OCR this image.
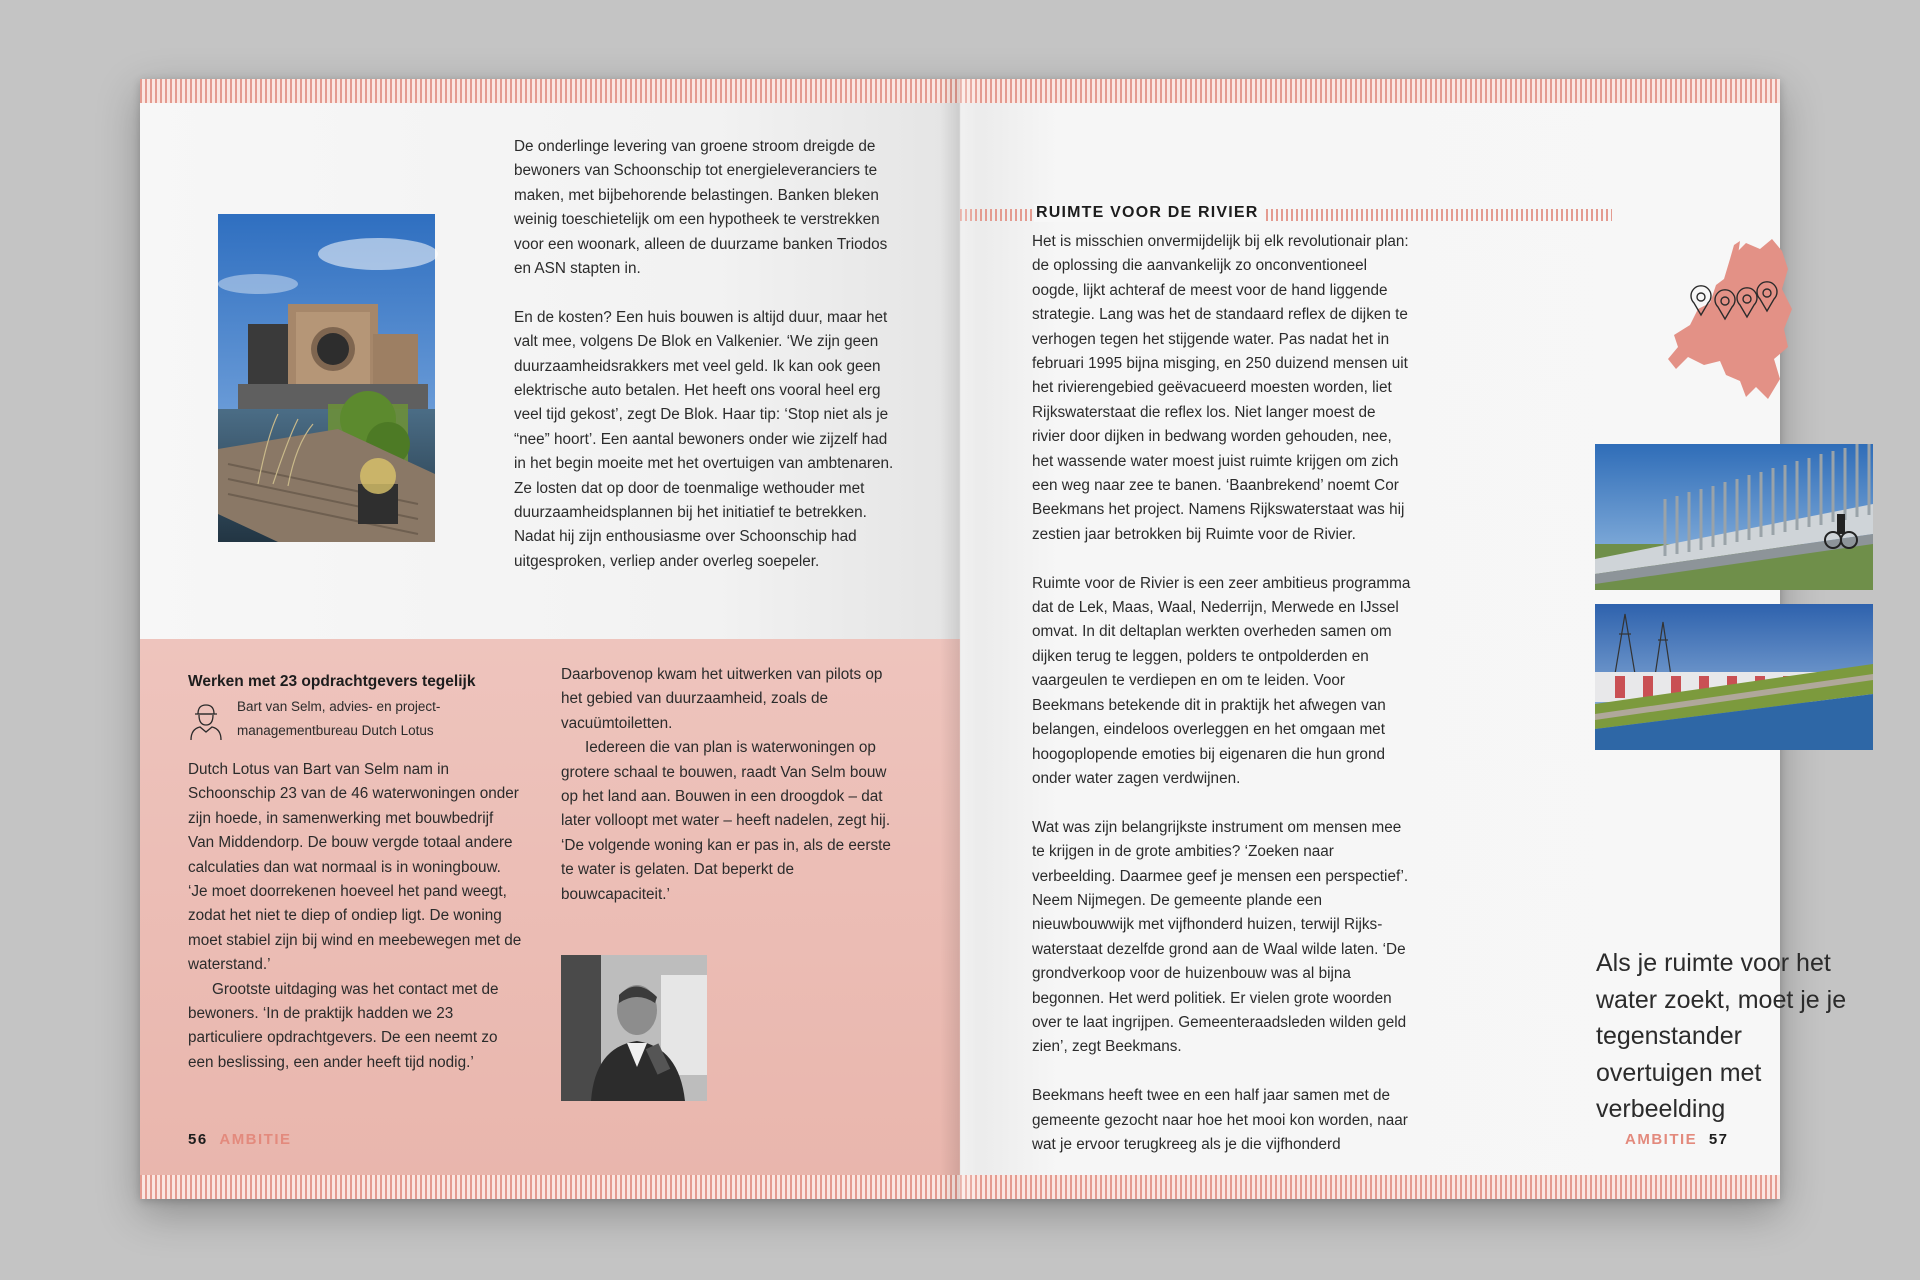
De onderlinge levering van groene stroom dreigde de bewoners van Schoonschip tot energieleveranciers te maken, met bijbehorende belastingen. Banken bleken weinig toeschietelijk om een hypotheek te verstrekken voor een woonark, alleen de duurzame banken Triodos en ASN stapten in.

En de kosten? Een huis bouwen is altijd duur, maar het valt mee, volgens De Blok en Valkenier. ‘We zijn geen duurzaamheidsrakkers met veel geld. Ik kan ook geen elektrische auto betalen. Het heeft ons vooral heel erg veel tijd gekost’, zegt De Blok. Haar tip: ‘Stop niet als je “nee” hoort’. Een aantal bewoners onder wie zijzelf had in het begin moeite met het overtuigen van ambtenaren. Ze losten dat op door de toenmalige wethouder met duurzaamheidsplannen bij het initiatief te betrekken. Nadat hij zijn enthousiasme over Schoonschip had uitgesproken, verliep ander overleg soepeler.

Werken met 23 opdrachtgevers tegelijk
Bart van Selm, advies- en project-
managementbureau Dutch Lotus

Dutch Lotus van Bart van Selm nam in Schoonschip 23 van de 46 waterwoningen onder zijn hoede, in samenwerking met bouwbedrijf Van Middendorp. De bouw vergde totaal andere calculaties dan wat normaal is in woningbouw. ‘Je moet doorrekenen hoeveel het pand weegt, zodat het niet te diep of ondiep ligt. De woning moet stabiel zijn bij wind en meebewegen met de waterstand.’

Grootste uitdaging was het contact met de bewoners. ‘In de praktijk hadden we 23 particuliere opdrachtgevers. De een neemt zo een beslissing, een ander heeft tijd nodig.’

Daarbovenop kwam het uitwerken van pilots op het gebied van duurzaamheid, zoals de vacuümtoiletten.

Iedereen die van plan is waterwoningen op grotere schaal te bouwen, raadt Van Selm bouw op het land aan. Bouwen in een droogdok – dat later volloopt met water – heeft nadelen, zegt hij. ‘De volgende woning kan er pas in, als de eerste te water is gelaten. Dat beperkt de bouwcapaciteit.’

56 AMBITIE
RUIMTE VOOR DE RIVIER

Het is misschien onvermijdelijk bij elk revolutionair plan: de oplossing die aanvankelijk zo onconventioneel oogde, lijkt achteraf de meest voor de hand liggende strategie. Lang was het de standaard reflex de dijken te verhogen tegen het stijgende water. Pas nadat het in februari 1995 bijna misging, en 250 duizend mensen uit het rivierengebied geëvacueerd moesten worden, liet Rijkswaterstaat die reflex los. Niet langer moest de rivier door dijken in bedwang worden gehouden, nee, het wassende water moest juist ruimte krijgen om zich een weg naar zee te banen. ‘Baanbrekend’ noemt Cor Beekmans het project. Namens Rijkswaterstaat was hij zestien jaar betrokken bij Ruimte voor de Rivier.

Ruimte voor de Rivier is een zeer ambitieus programma dat de Lek, Maas, Waal, Nederrijn, Merwede en IJssel omvat. In dit deltaplan werkten overheden samen om dijken terug te leggen, polders te ontpolderden en vaargeulen te verdiepen en om te leiden. Voor Beekmans betekende dit in praktijk het afwegen van belangen, eindeloos overleggen en het omgaan met hoogoplopende emoties bij eigenaren die hun grond onder water zagen verdwijnen.

Wat was zijn belangrijkste instrument om mensen mee te krijgen in de grote ambities? ‘Zoeken naar verbeelding. Daarmee geef je mensen een perspectief’. Neem Nijmegen. De gemeente plande een nieuwbouwwijk met vijfhonderd huizen, terwijl Rijkswaterstaat dezelfde grond aan de Waal wilde laten. ‘De grondverkoop voor de huizenbouw was al bijna begonnen. Het werd politiek. Er vielen grote woorden over te laat ingrijpen. Gemeenteraadsleden wilden geld zien’, zegt Beekmans.

Beekmans heeft twee en een half jaar samen met de gemeente gezocht naar hoe het mooi kon worden, naar wat je ervoor terugkreeg als je die vijfhonderd

Als je ruimte voor het water zoekt, moet je je tegenstander overtuigen met verbeelding
AMBITIE 57
